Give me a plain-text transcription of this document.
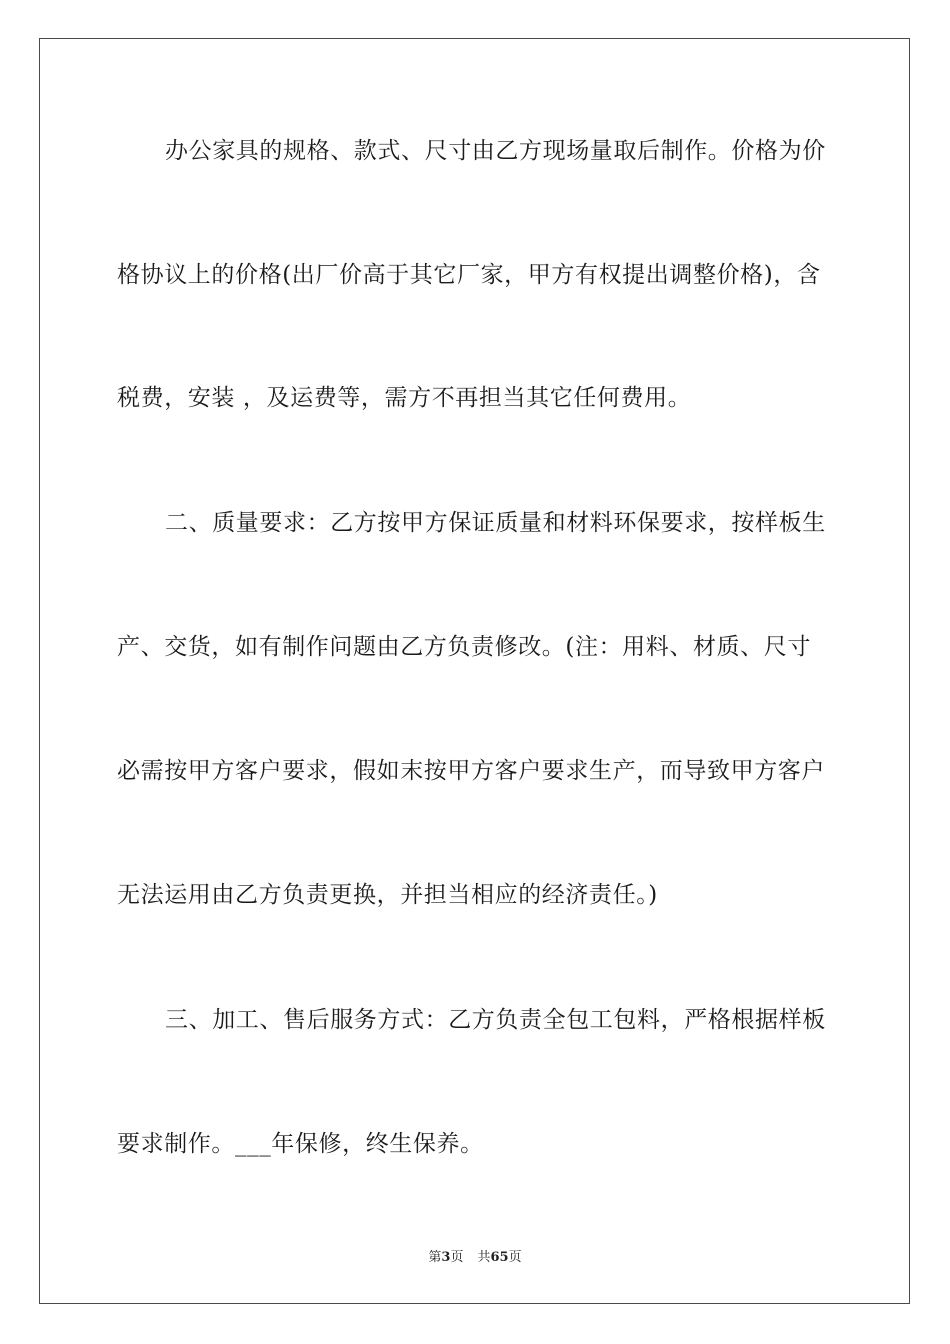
办公家具的规格、款式、尺寸由乙方现场量取后制作。价格为价
格协议上的价格(出厂价高于其它厂家，甲方有权提出调整价格)，含
税费，安装 ，及运费等，需方不再担当其它任何费用。
二、质量要求：乙方按甲方保证质量和材料环保要求，按样板生
产、交货，如有制作问题由乙方负责修改。(注：用料、材质、尺寸
必需按甲方客户要求，假如末按甲方客户要求生产，而导致甲方客户
无法运用由乙方负责更换，并担当相应的经济责任。)
三、加工、售后服务方式：乙方负责全包工包料，严格根据样板
要求制作。___年保修，终生保养。
第3页 共65页
